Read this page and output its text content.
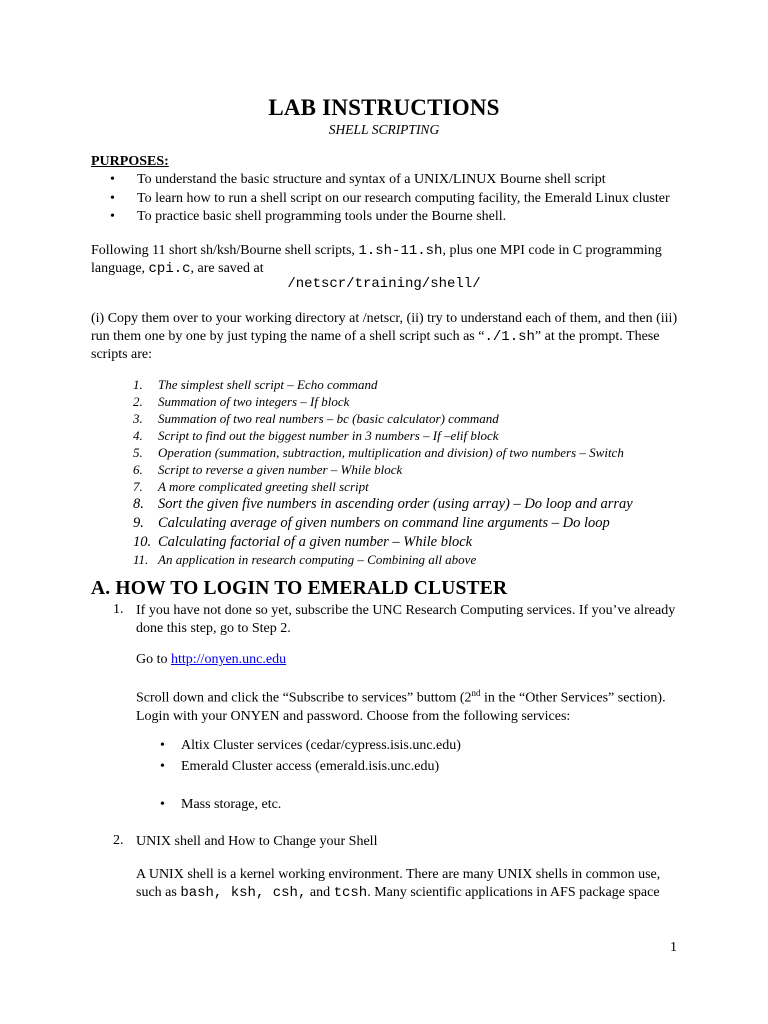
LAB INSTRUCTIONS
SHELL SCRIPTING
PURPOSES:
•	To understand the basic structure and syntax of a UNIX/LINUX Bourne shell script
•	To learn how to run a shell script on our research computing facility, the Emerald Linux cluster
•	To practice basic shell programming tools under the Bourne shell.
Following 11 short sh/ksh/Bourne shell scripts, 1.sh-11.sh, plus one MPI code in C programming
language, cpi.c, are saved at
/netscr/training/shell/
(i) Copy them over to your working directory at /netscr, (ii) try to understand each of them, and then (iii)
run them one by one by just typing the name of a shell script such as “./1.sh” at the prompt. These
scripts are:
1. The simplest shell script – Echo command
2. Summation of two integers – If block
3. Summation of two real numbers – bc (basic calculator) command
4. Script to find out the biggest number in 3 numbers – If –elif block
5. Operation (summation, subtraction, multiplication and division) of two numbers – Switch
6. Script to reverse a given number – While block
7. A more complicated greeting shell script
8. Sort the given five numbers in ascending order (using array) – Do loop and array
9. Calculating average of given numbers on command line arguments – Do loop
10. Calculating factorial of a given number – While block
11. An application in research computing – Combining all above
A. HOW TO LOGIN TO EMERALD CLUSTER
1. If you have not done so yet, subscribe the UNC Research Computing services. If you’ve already
done this step, go to Step 2.
Go to http://onyen.unc.edu
Scroll down and click the “Subscribe to services” buttom (2nd in the “Other Services” section).
Login with your ONYEN and password. Choose from the following services:
• Altix Cluster services (cedar/cypress.isis.unc.edu)
• Emerald Cluster access (emerald.isis.unc.edu)
• Mass storage, etc.
2. UNIX shell and How to Change your Shell
A UNIX shell is a kernel working environment. There are many UNIX shells in common use,
such as bash, ksh, csh, and tcsh. Many scientific applications in AFS package space
1
